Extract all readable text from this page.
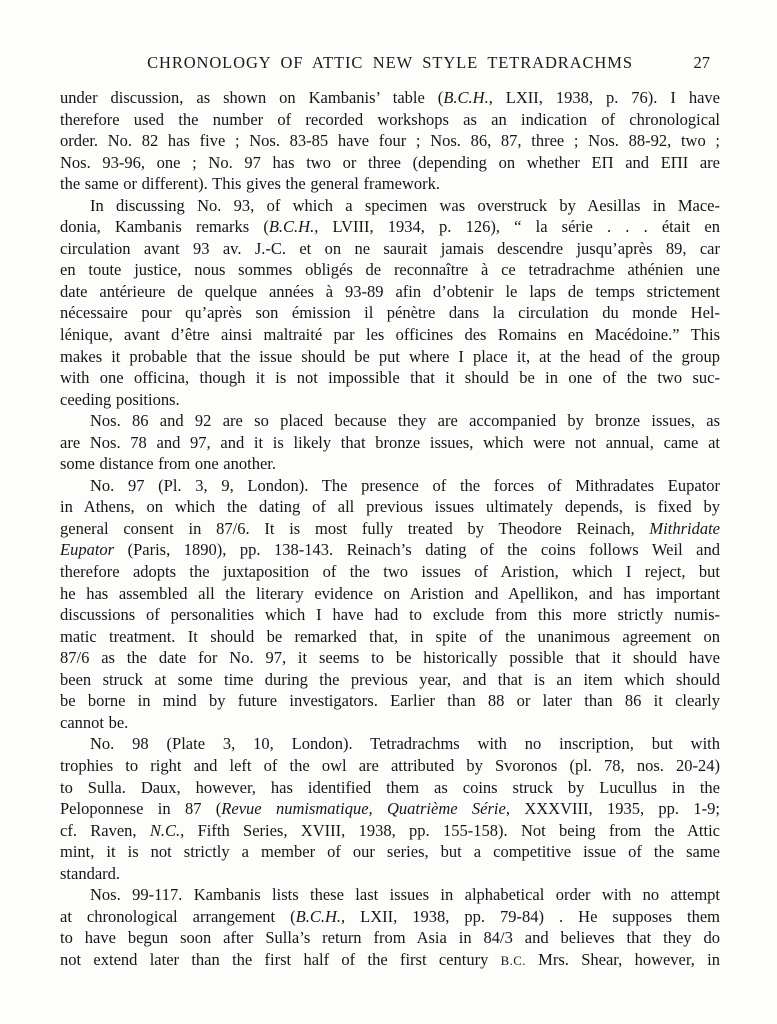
CHRONOLOGY OF ATTIC NEW STYLE TETRADRACHMS	27
under discussion, as shown on Kambanis’ table (B.C.H., LXII, 1938, p. 76). I have
therefore used the number of recorded workshops as an indication of chronological
order. No. 82 has five ; Nos. 83-85 have four ; Nos. 86, 87, three ; Nos. 88-92, two ;
Nos. 93-96, one ; No. 97 has two or three (depending on whether ΕΠ and ΕΠΙ are
the same or different). This gives the general framework.
In discussing No. 93, of which a specimen was overstruck by Aesillas in Mace-
donia, Kambanis remarks (B.C.H., LVIII, 1934, p. 126), “ la série . . . était en
circulation avant 93 av. J.-C. et on ne saurait jamais descendre jusqu’après 89, car
en toute justice, nous sommes obligés de reconnaître à ce tetradrachme athénien une
date antérieure de quelque années à 93-89 afin d’obtenir le laps de temps strictement
nécessaire pour qu’après son émission il pénètre dans la circulation du monde Hel-
lénique, avant d’être ainsi maltraité par les officines des Romains en Macédoine.” This
makes it probable that the issue should be put where I place it, at the head of the group
with one officina, though it is not impossible that it should be in one of the two suc-
ceeding positions.
Nos. 86 and 92 are so placed because they are accompanied by bronze issues, as
are Nos. 78 and 97, and it is likely that bronze issues, which were not annual, came at
some distance from one another.
No. 97 (Pl. 3, 9, London). The presence of the forces of Mithradates Eupator
in Athens, on which the dating of all previous issues ultimately depends, is fixed by
general consent in 87/6. It is most fully treated by Theodore Reinach, Mithridate
Eupator (Paris, 1890), pp. 138-143. Reinach’s dating of the coins follows Weil and
therefore adopts the juxtaposition of the two issues of Aristion, which I reject, but
he has assembled all the literary evidence on Aristion and Apellikon, and has important
discussions of personalities which I have had to exclude from this more strictly numis-
matic treatment. It should be remarked that, in spite of the unanimous agreement on
87/6 as the date for No. 97, it seems to be historically possible that it should have
been struck at some time during the previous year, and that is an item which should
be borne in mind by future investigators. Earlier than 88 or later than 86 it clearly
cannot be.
No. 98 (Plate 3, 10, London). Tetradrachms with no inscription, but with
trophies to right and left of the owl are attributed by Svoronos (pl. 78, nos. 20-24)
to Sulla. Daux, however, has identified them as coins struck by Lucullus in the
Peloponnese in 87 (Revue numismatique, Quatrième Série, XXXVIII, 1935, pp. 1-9;
cf. Raven, N.C., Fifth Series, XVIII, 1938, pp. 155-158). Not being from the Attic
mint, it is not strictly a member of our series, but a competitive issue of the same
standard.
Nos. 99-117. Kambanis lists these last issues in alphabetical order with no attempt
at chronological arrangement (B.C.H., LXII, 1938, pp. 79-84) . He supposes them
to have begun soon after Sulla’s return from Asia in 84/3 and believes that they do
not extend later than the first half of the first century B.C. Mrs. Shear, however, in
